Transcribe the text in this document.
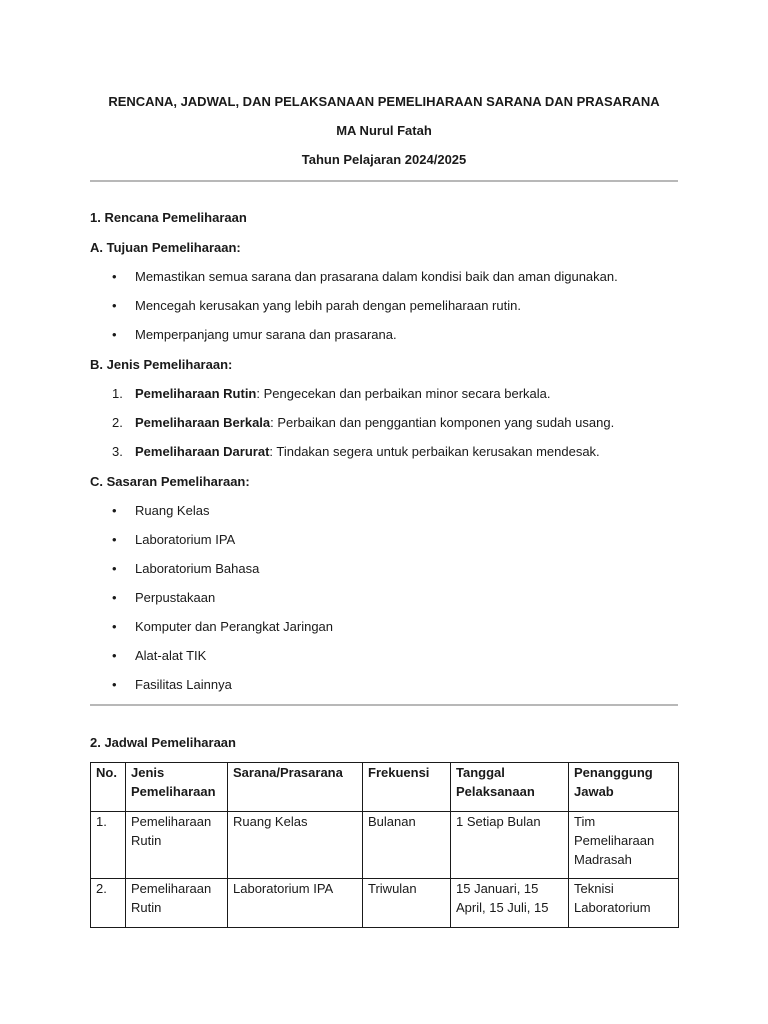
RENCANA, JADWAL, DAN PELAKSANAAN PEMELIHARAAN SARANA DAN PRASARANA
MA Nurul Fatah
Tahun Pelajaran 2024/2025
1. Rencana Pemeliharaan
A. Tujuan Pemeliharaan:
• Memastikan semua sarana dan prasarana dalam kondisi baik dan aman digunakan.
• Mencegah kerusakan yang lebih parah dengan pemeliharaan rutin.
• Memperpanjang umur sarana dan prasarana.
B. Jenis Pemeliharaan:
1. Pemeliharaan Rutin: Pengecekan dan perbaikan minor secara berkala.
2. Pemeliharaan Berkala: Perbaikan dan penggantian komponen yang sudah usang.
3. Pemeliharaan Darurat: Tindakan segera untuk perbaikan kerusakan mendesak.
C. Sasaran Pemeliharaan:
• Ruang Kelas
• Laboratorium IPA
• Laboratorium Bahasa
• Perpustakaan
• Komputer dan Perangkat Jaringan
• Alat-alat TIK
• Fasilitas Lainnya
2. Jadwal Pemeliharaan
No.	Jenis Pemeliharaan	Sarana/Prasarana	Frekuensi	Tanggal Pelaksanaan	Penanggung Jawab
1.	Pemeliharaan Rutin	Ruang Kelas	Bulanan	1 Setiap Bulan	Tim Pemeliharaan Madrasah
2.	Pemeliharaan Rutin	Laboratorium IPA	Triwulan	15 Januari, 15 April, 15 Juli, 15	Teknisi Laboratorium
